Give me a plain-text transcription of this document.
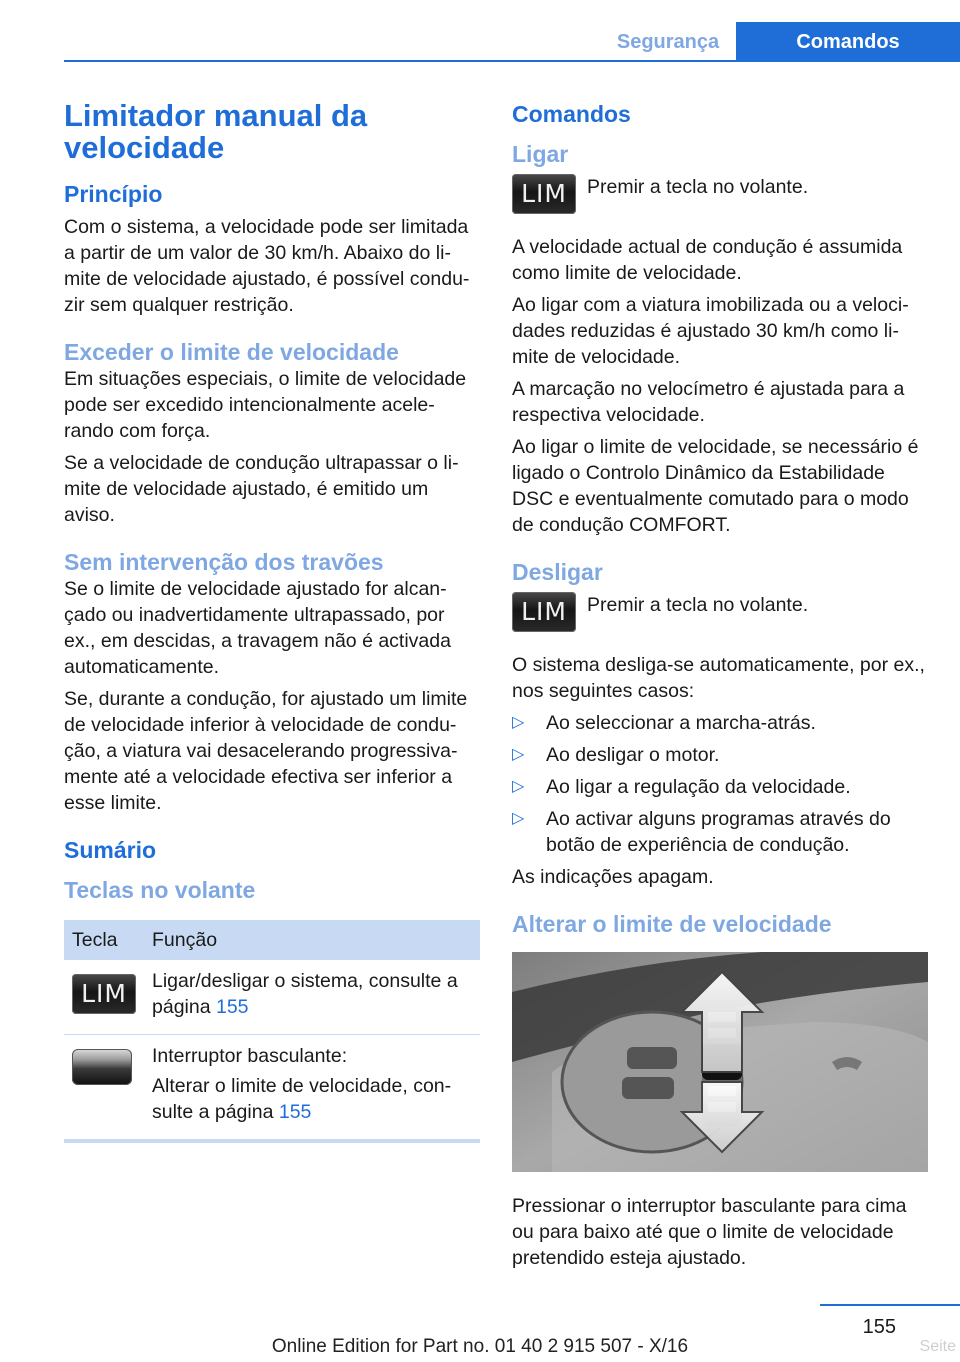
Segurança	Comandos
Limitador manual da velocidade
Princípio

Com o sistema, a velocidade pode ser limitada a partir de um valor de 30 km/h. Abaixo do li-mite de velocidade ajustado, é possível condu-zir sem qualquer restrição.

Exceder o limite de velocidade

Em situações especiais, o limite de velocidade pode ser excedido intencionalmente acele-rando com força.

Se a velocidade de condução ultrapassar o li-mite de velocidade ajustado, é emitido um aviso.

Sem intervenção dos travões

Se o limite de velocidade ajustado for alcan-çado ou inadvertidamente ultrapassado, por ex., em descidas, a travagem não é activada automaticamente.

Se, durante a condução, for ajustado um limite de velocidade inferior à velocidade de condu-ção, a viatura vai desacelerando progressiva-mente até a velocidade efectiva ser inferior a esse limite.

Sumário
Teclas no volante
Tecla	Função
LIM	Ligar/desligar o sistema, consulte a página 155

	Interruptor basculante:

Alterar o limite de velocidade, con-sulte a página 155

Comandos
Ligar
LIM	Premir a tecla no volante.

A velocidade actual de condução é assumida como limite de velocidade.

Ao ligar com a viatura imobilizada ou a veloci-dades reduzidas é ajustado 30 km/h como li-mite de velocidade.

A marcação no velocímetro é ajustada para a respectiva velocidade.

Ao ligar o limite de velocidade, se necessário é ligado o Controlo Dinâmico da Estabilidade DSC e eventualmente comutado para o modo de condução COMFORT.

Desligar
LIM	Premir a tecla no volante.

O sistema desliga-se automaticamente, por ex., nos seguintes casos:

▷ Ao seleccionar a marcha-atrás.
▷ Ao desligar o motor.
▷ Ao ligar a regulação da velocidade.
▷ Ao activar alguns programas através do botão de experiência de condução.

As indicações apagam.

Alterar o limite de velocidade

Pressionar o interruptor basculante para cima ou para baixo até que o limite de velocidade pretendido esteja ajustado.

155
Online Edition for Part no. 01 40 2 915 507 - X/16	Seite
